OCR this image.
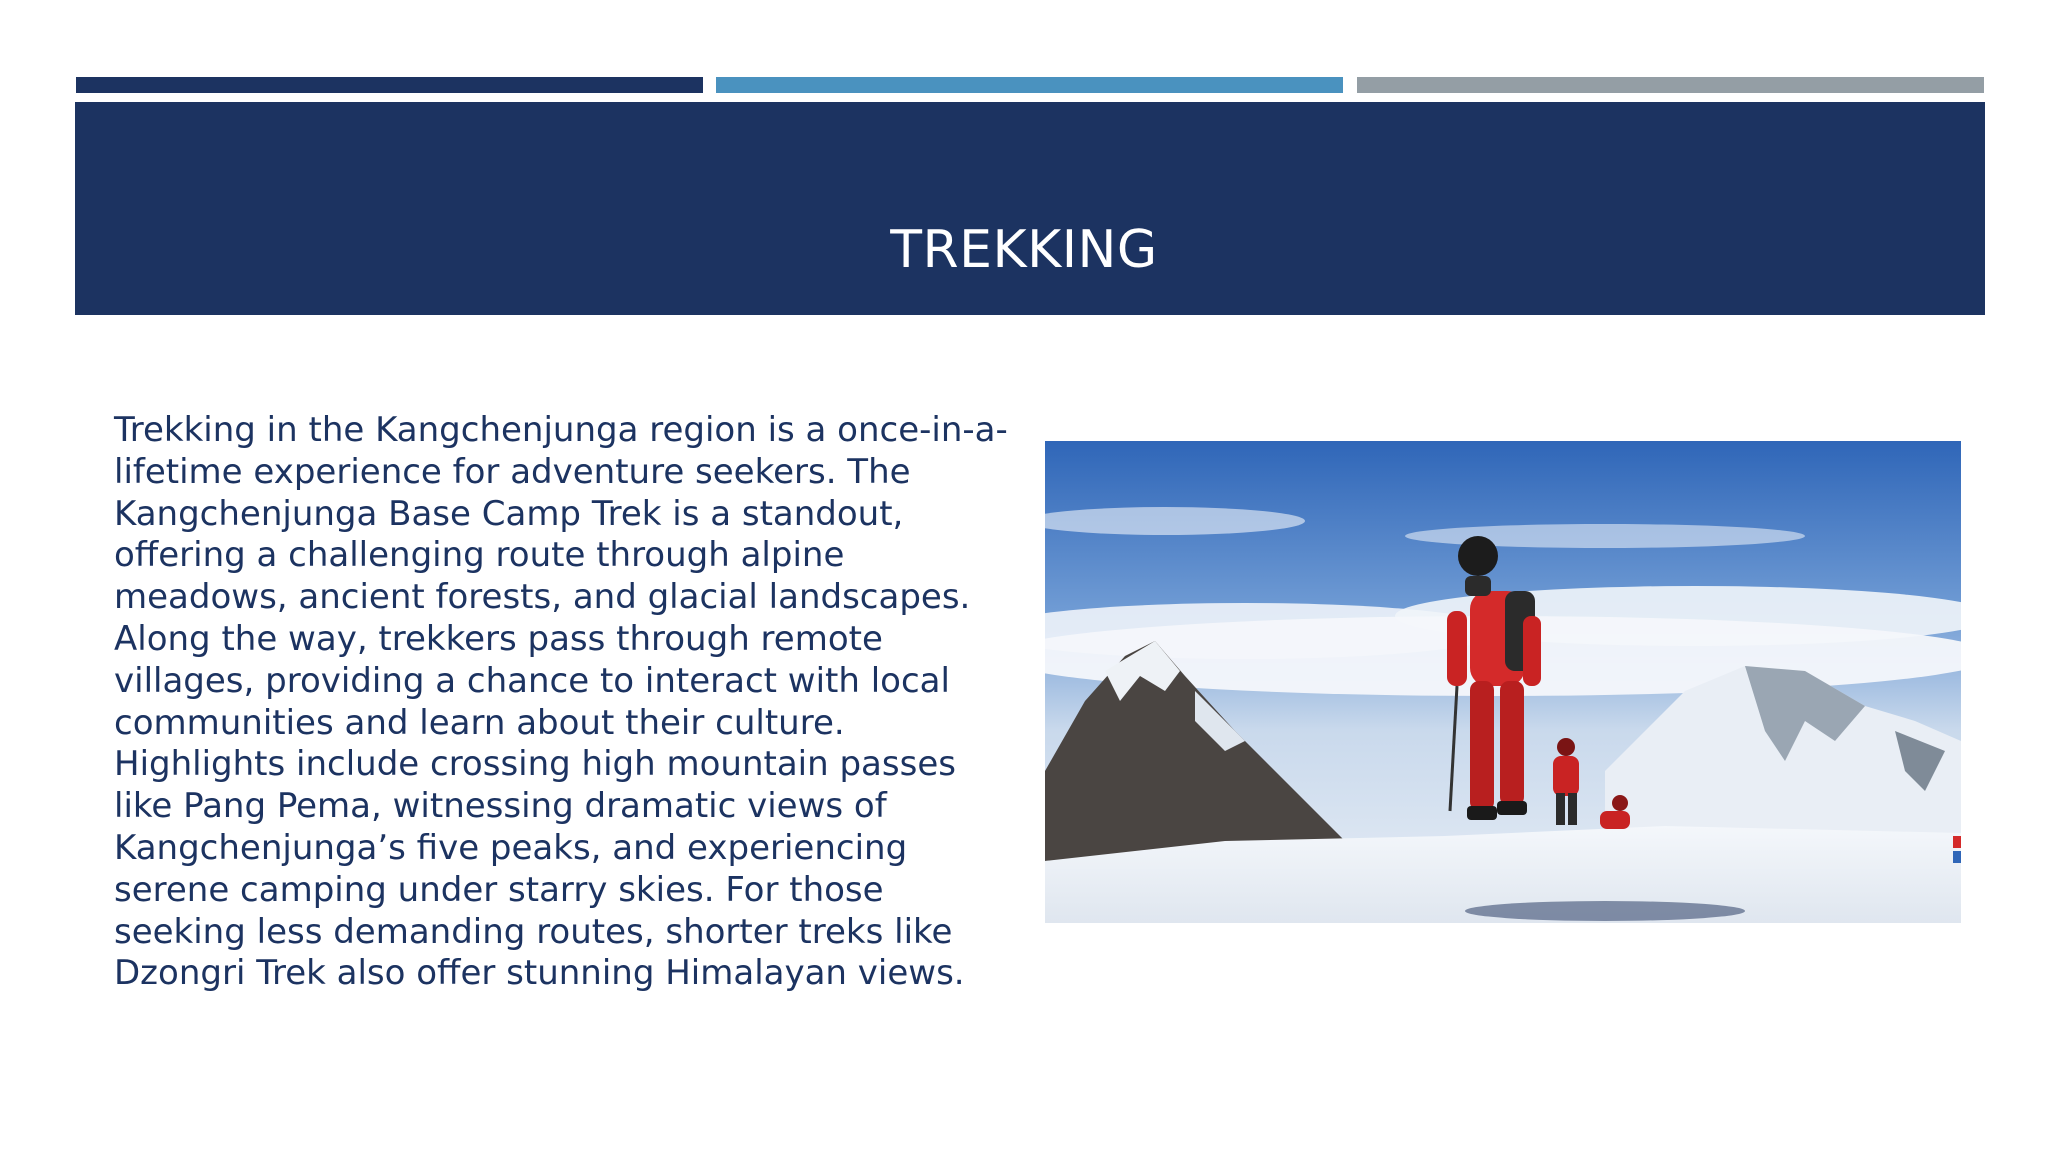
TREKKING

Trekking in the Kangchenjunga region is a once-in-a-lifetime experience for adventure seekers. The Kangchenjunga Base Camp Trek is a standout, offering a challenging route through alpine meadows, ancient forests, and glacial landscapes. Along the way, trekkers pass through remote villages, providing a chance to interact with local communities and learn about their culture. Highlights include crossing high mountain passes like Pang Pema, witnessing dramatic views of Kangchenjunga’s five peaks, and experiencing serene camping under starry skies. For those seeking less demanding routes, shorter treks like Dzongri Trek also offer stunning Himalayan views.
